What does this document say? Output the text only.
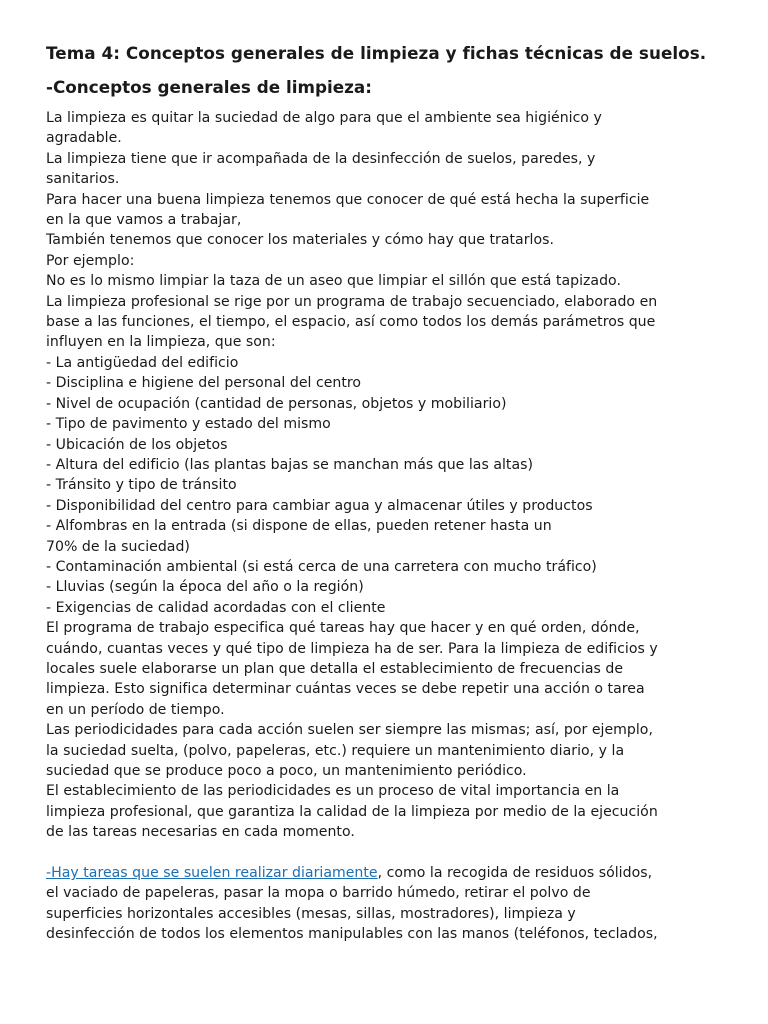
Tema 4: Conceptos generales de limpieza y fichas técnicas de suelos.
-Conceptos generales de limpieza:

La limpieza es quitar la suciedad de algo para que el ambiente sea higiénico y
agradable.
La limpieza tiene que ir acompañada de la desinfección de suelos, paredes, y
sanitarios.
Para hacer una buena limpieza tenemos que conocer de qué está hecha la superficie
en la que vamos a trabajar,
También tenemos que conocer los materiales y cómo hay que tratarlos.
Por ejemplo:
No es lo mismo limpiar la taza de un aseo que limpiar el sillón que está tapizado.
La limpieza profesional se rige por un programa de trabajo secuenciado, elaborado en
base a las funciones, el tiempo, el espacio, así como todos los demás parámetros que
influyen en la limpieza, que son:
- La antigüedad del edificio
- Disciplina e higiene del personal del centro
- Nivel de ocupación (cantidad de personas, objetos y mobiliario)
- Tipo de pavimento y estado del mismo
- Ubicación de los objetos
- Altura del edificio (las plantas bajas se manchan más que las altas)
- Tránsito y tipo de tránsito
- Disponibilidad del centro para cambiar agua y almacenar útiles y productos
- Alfombras en la entrada (si dispone de ellas, pueden retener hasta un
70% de la suciedad)
- Contaminación ambiental (si está cerca de una carretera con mucho tráfico)
- Lluvias (según la época del año o la región)
- Exigencias de calidad acordadas con el cliente
El programa de trabajo especifica qué tareas hay que hacer y en qué orden, dónde,
cuándo, cuantas veces y qué tipo de limpieza ha de ser. Para la limpieza de edificios y
locales suele elaborarse un plan que detalla el establecimiento de frecuencias de
limpieza. Esto significa determinar cuántas veces se debe repetir una acción o tarea
en un período de tiempo.
Las periodicidades para cada acción suelen ser siempre las mismas; así, por ejemplo,
la suciedad suelta, (polvo, papeleras, etc.) requiere un mantenimiento diario, y la
suciedad que se produce poco a poco, un mantenimiento periódico.
El establecimiento de las periodicidades es un proceso de vital importancia en la
limpieza profesional, que garantiza la calidad de la limpieza por medio de la ejecución
de las tareas necesarias en cada momento.

-Hay tareas que se suelen realizar diariamente, como la recogida de residuos sólidos,
el vaciado de papeleras, pasar la mopa o barrido húmedo, retirar el polvo de
superficies horizontales accesibles (mesas, sillas, mostradores), limpieza y
desinfección de todos los elementos manipulables con las manos (teléfonos, teclados,
